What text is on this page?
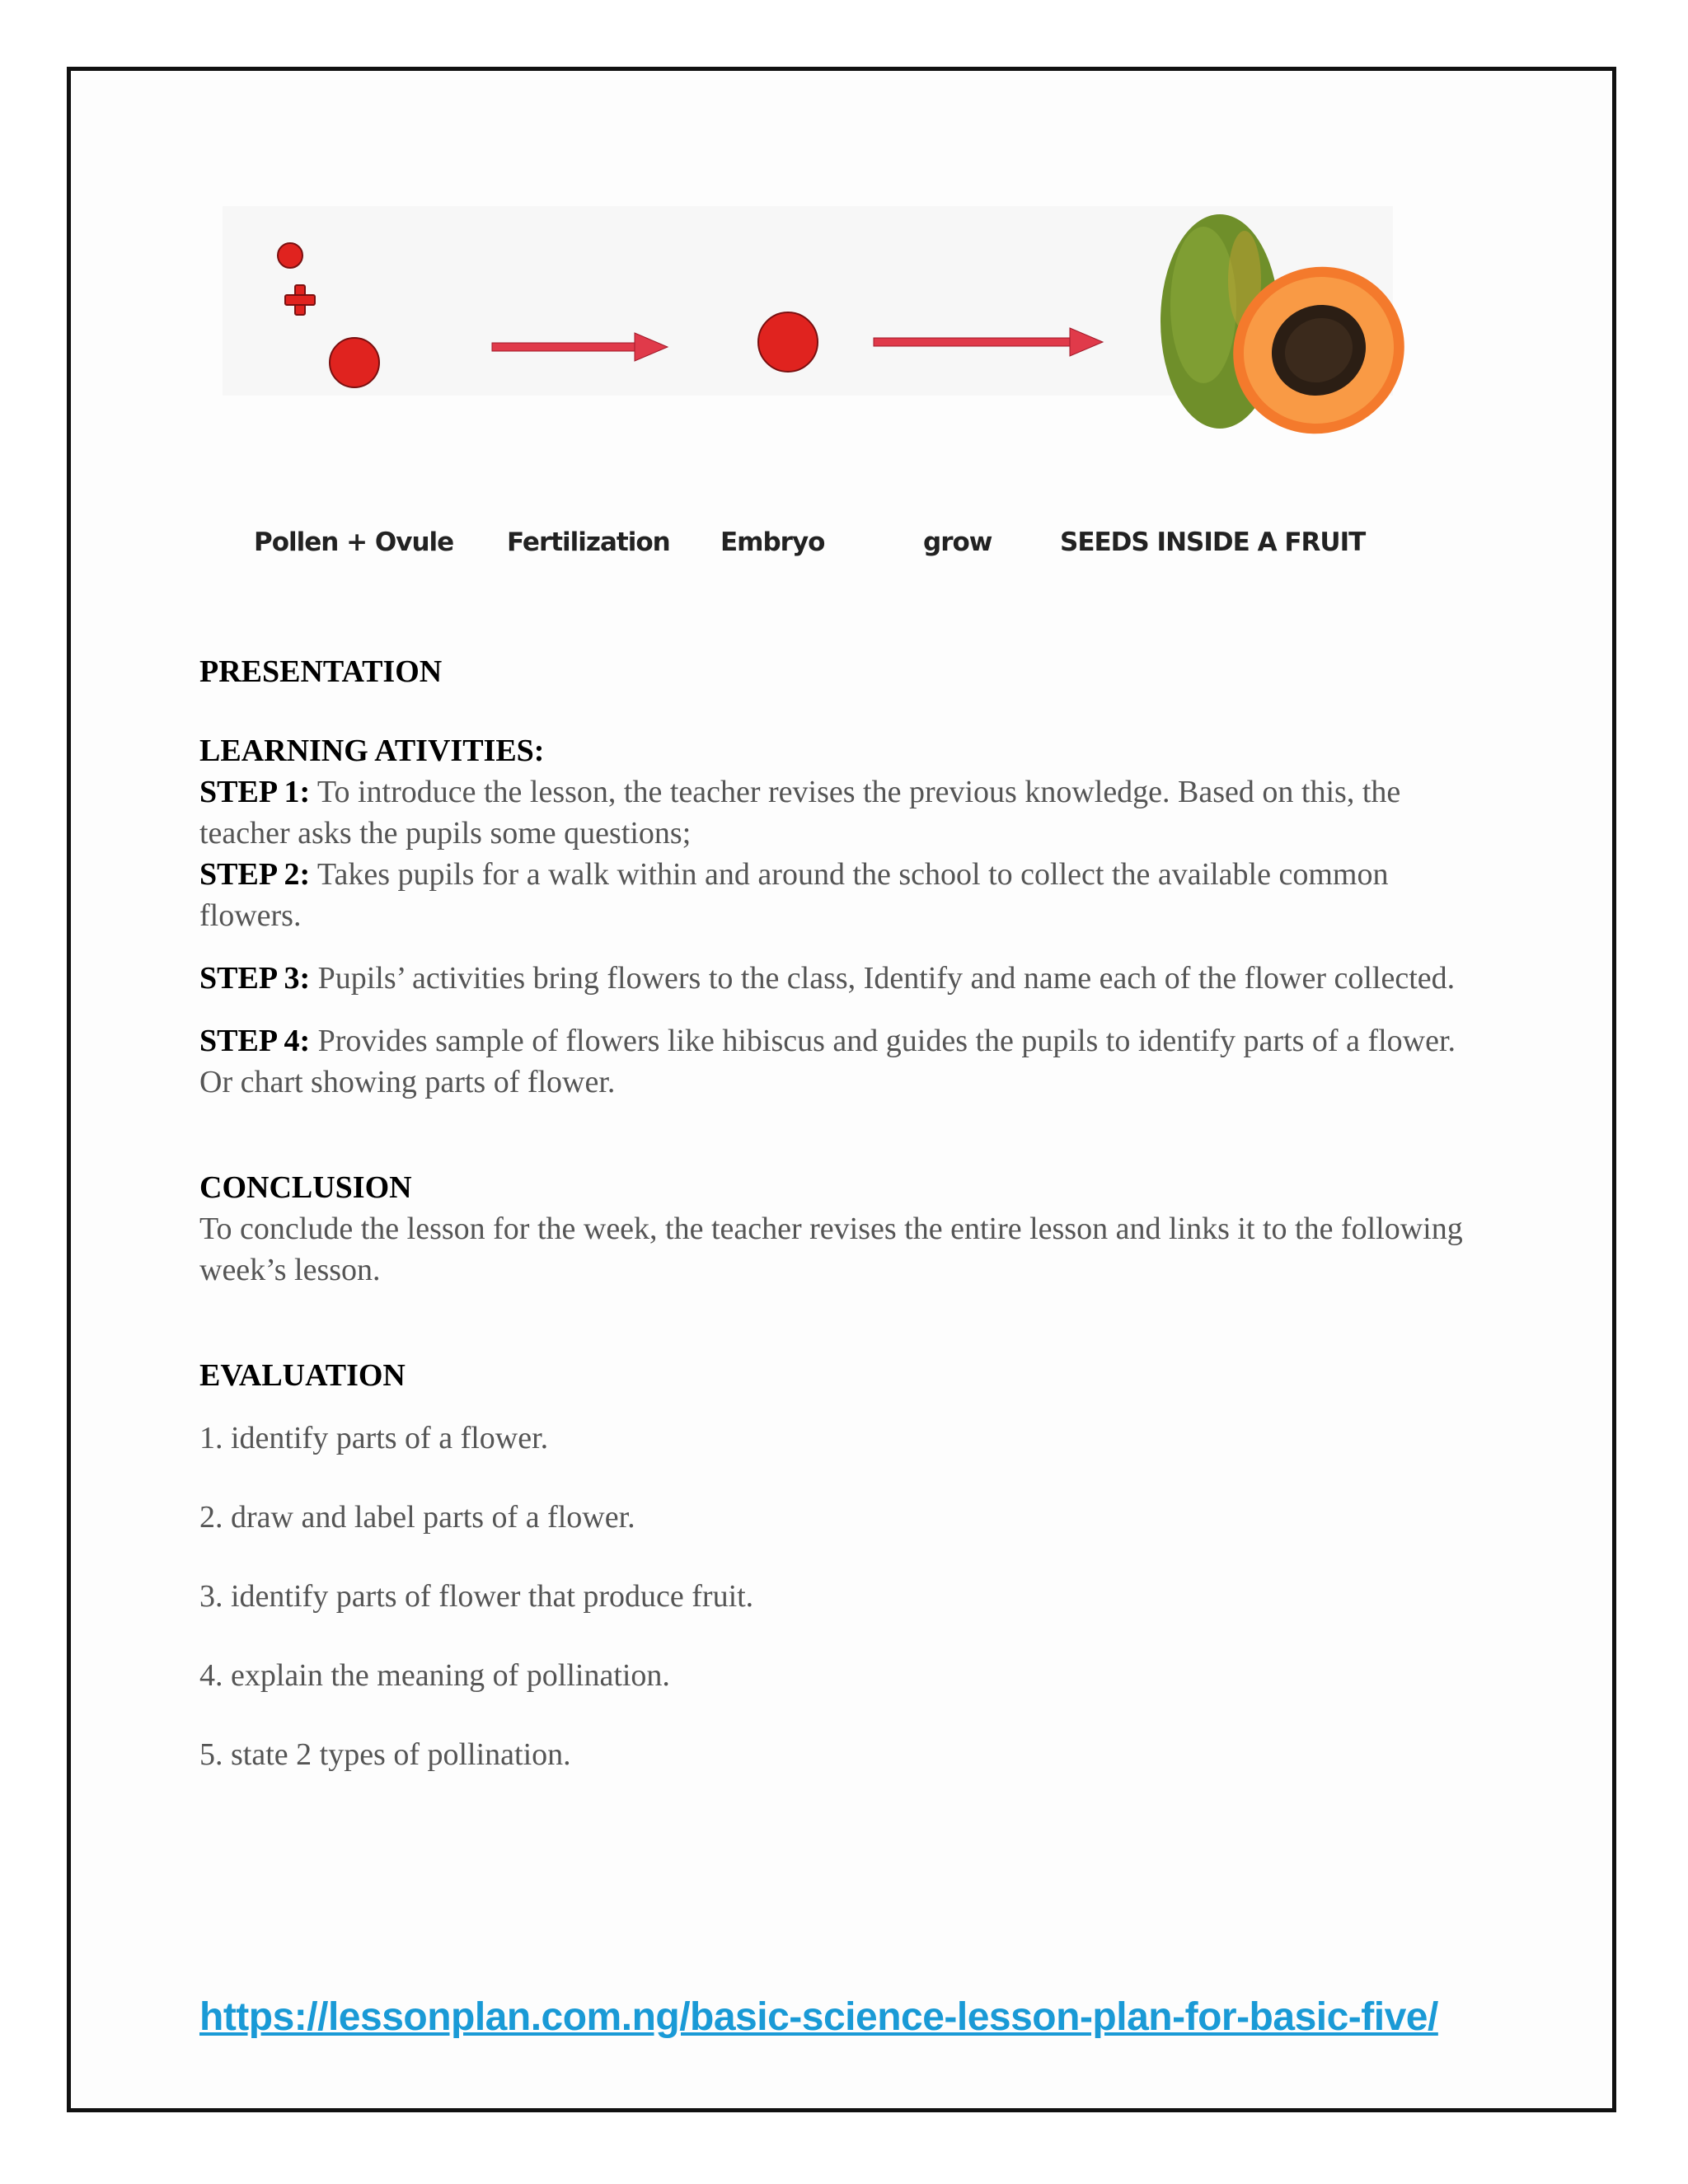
Pollen + Ovule Fertilization Embryo	grow	SEEDS INSIDE A FRUIT

PRESENTATION

LEARNING ATIVITIES:

STEP 1: To introduce the lesson, the teacher revises the previous knowledge. Based on this, the teacher asks the pupils some questions;

STEP 2: Takes pupils for a walk within and around the school to collect the available common flowers.

STEP 3: Pupils’ activities bring flowers to the class, Identify and name each of the flower collected.

STEP 4: Provides sample of flowers like hibiscus and guides the pupils to identify parts of a flower. Or chart showing parts of flower.

CONCLUSION

To conclude the lesson for the week, the teacher revises the entire lesson and links it to the following week’s lesson.

EVALUATION

1. identify parts of a flower.

2. draw and label parts of a flower.

3. identify parts of flower that produce fruit.

4. explain the meaning of pollination.

5. state 2 types of pollination.

https://lessonplan.com.ng/basic-science-lesson-plan-for-basic-five/
